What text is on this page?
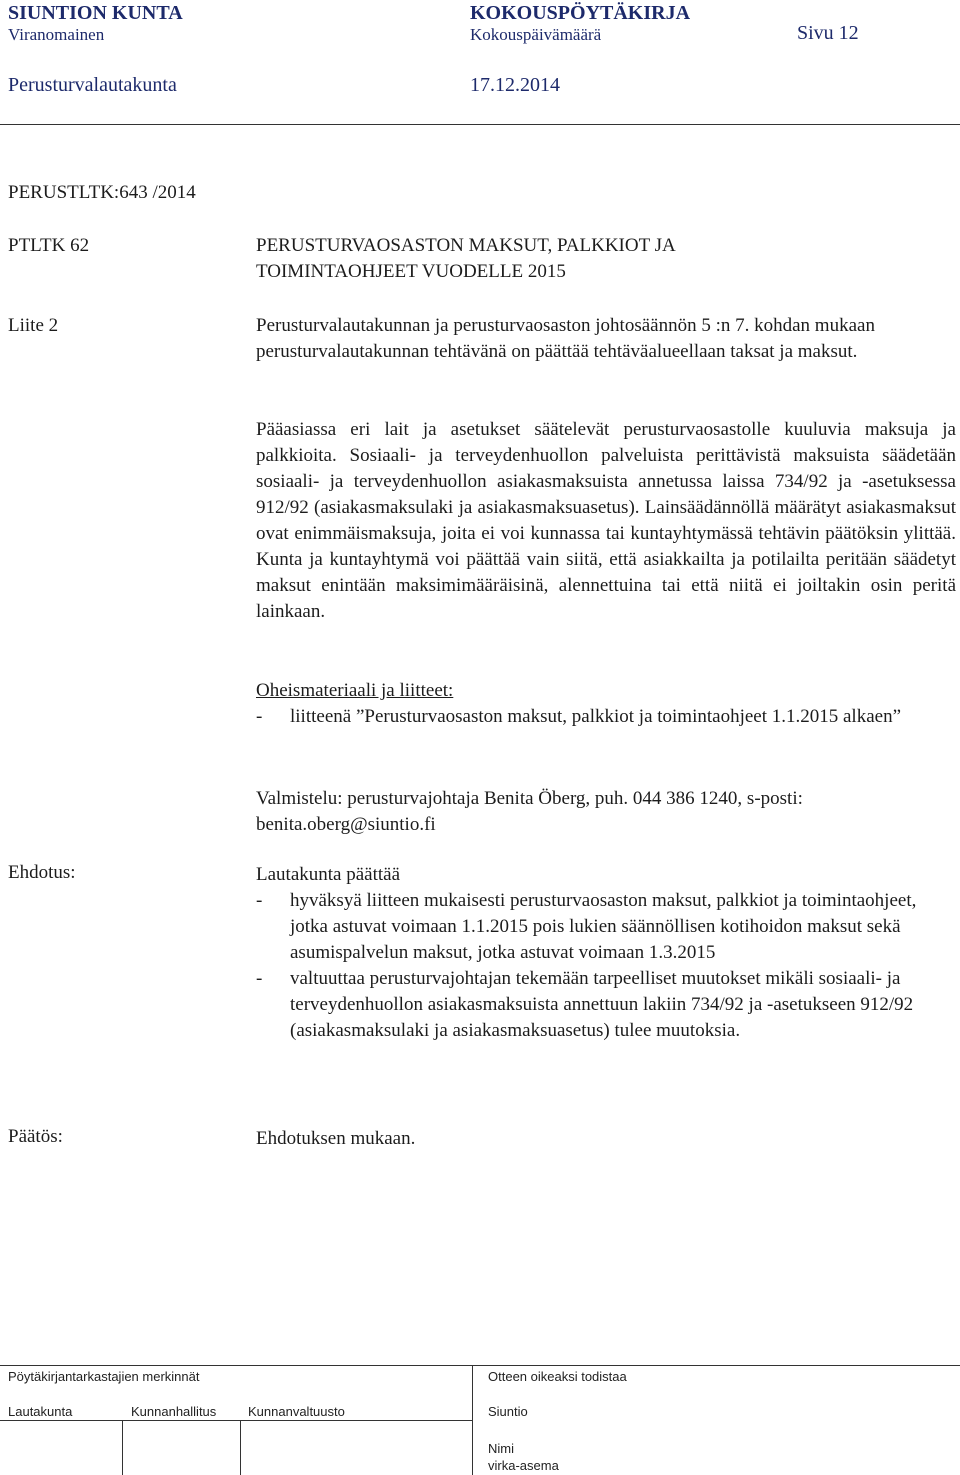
SIUNTION KUNTA	KOKOUSPÖYTÄKIRJA
Viranomainen	Kokouspäivämäärä	Sivu 12
Perusturvalautakunta	17.12.2014
PERUSTLTK:643 /2014
PTLTK 62	PERUSTURVAOSASTON MAKSUT, PALKKIOT JA
TOIMINTAOHJEET VUODELLE 2015
Liite 2	Perusturvalautakunnan ja perusturvaosaston johtosäännön 5 :n 7. kohdan mukaan perusturvalautakunnan tehtävänä on päättää tehtäväalueellaan taksat ja maksut.

Pääasiassa eri lait ja asetukset säätelevät perusturvaosastolle kuuluvia maksuja ja palkkioita. Sosiaali- ja terveydenhuollon palveluista perittävistä maksuista säädetään sosiaali- ja terveydenhuollon asiakasmaksuista annetussa laissa 734/92 ja -asetuksessa 912/92 (asiakasmaksulaki ja asiakasmaksuasetus). Lainsäädännöllä määrätyt asiakasmaksut ovat enimmäismaksuja, joita ei voi kunnassa tai kuntayhtymässä tehtävin päätöksin ylittää. Kunta ja kuntayhtymä voi päättää vain siitä, että asiakkailta ja potilailta peritään säädetyt maksut enintään maksimimääräisinä, alennettuina tai että niitä ei joiltakin osin peritä lainkaan.

Oheismateriaali ja liitteet:

- liitteenä ”Perusturvaosaston maksut, palkkiot ja toimintaohjeet 1.1.2015 alkaen”

Valmistelu: perusturvajohtaja Benita Öberg, puh. 044 386 1240, s-posti: benita.oberg@siuntio.fi

Ehdotus:	Lautakunta päättää

- hyväksyä liitteen mukaisesti perusturvaosaston maksut, palkkiot ja toimintaohjeet, jotka astuvat voimaan 1.1.2015 pois lukien säännöllisen kotihoidon maksut sekä asumispalvelun maksut, jotka astuvat voimaan 1.3.2015
- valtuuttaa perusturvajohtajan tekemään tarpeelliset muutokset mikäli sosiaali- ja terveydenhuollon asiakasmaksuista annettuun lakiin 734/92 ja -asetukseen 912/92 (asiakasmaksulaki ja asiakasmaksuasetus) tulee muutoksia.
Päätös:	Ehdotuksen mukaan.
Pöytäkirjantarkastajien merkinnät	Otteen oikeaksi todistaa
Lautakunta	Kunnanhallitus Kunnanvaltuusto	Siuntio
Nimi
virka-asema
